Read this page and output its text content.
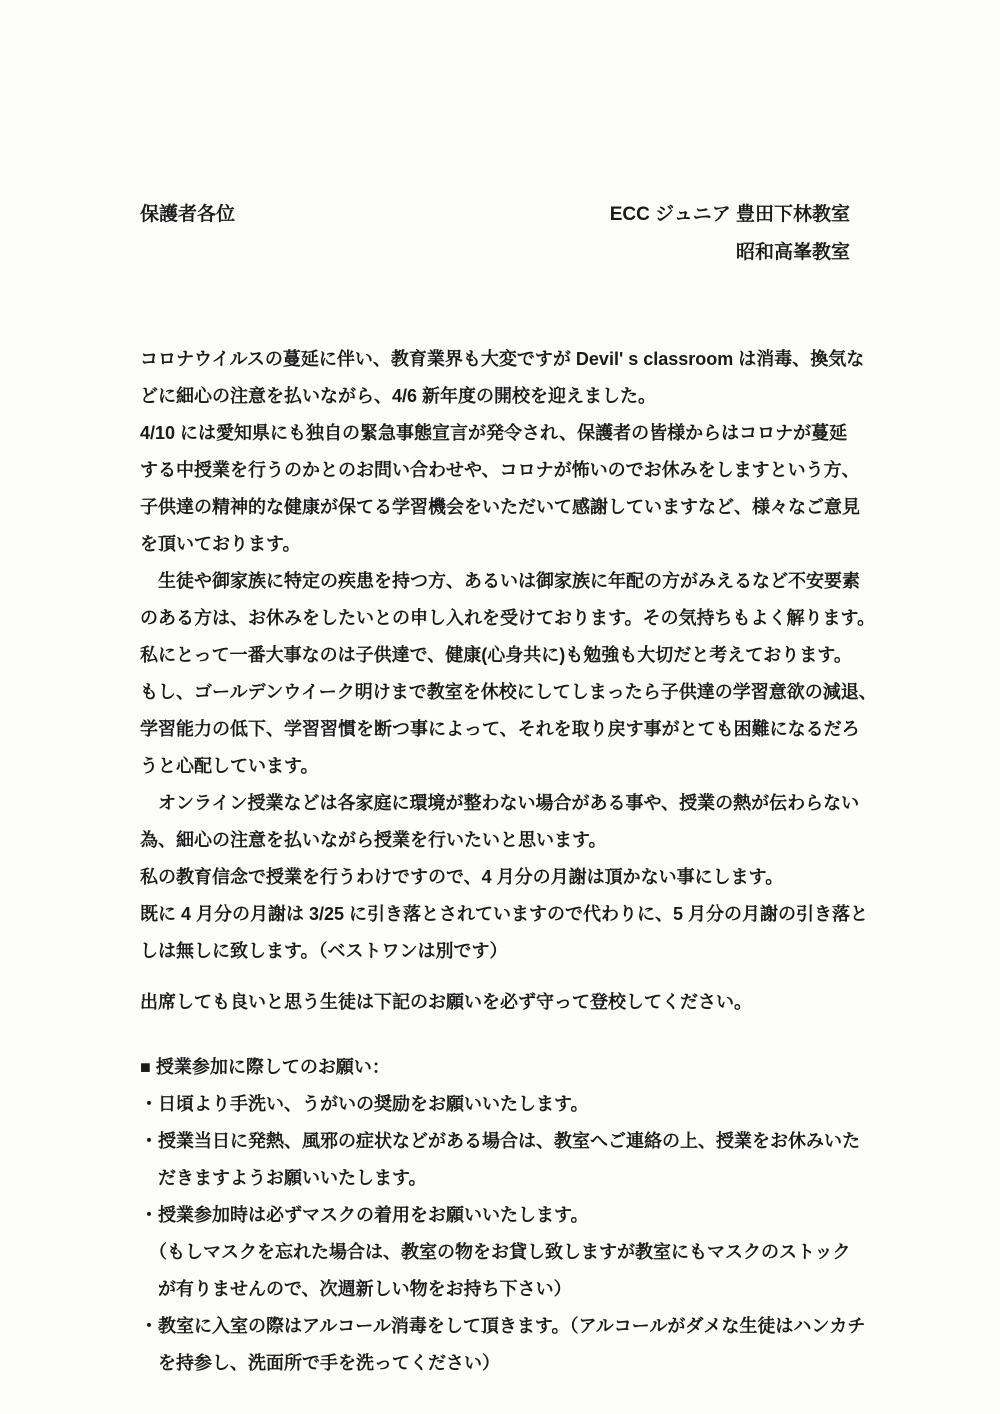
保護者各位	ECC ジュニア 豊田下林教室
昭和高峯教室
コロナウイルスの蔓延に伴い、教育業界も大変ですが Devil' s classroom は消毒、換気な
どに細心の注意を払いながら、4/6 新年度の開校を迎えました。
4/10 には愛知県にも独自の緊急事態宣言が発令され、保護者の皆様からはコロナが蔓延
する中授業を行うのかとのお問い合わせや、コロナが怖いのでお休みをしますという方、
子供達の精神的な健康が保てる学習機会をいただいて感謝していますなど、様々なご意見
を頂いております。
　生徒や御家族に特定の疾患を持つ方、あるいは御家族に年配の方がみえるなど不安要素
のある方は、お休みをしたいとの申し入れを受けております。その気持ちもよく解ります。
私にとって一番大事なのは子供達で、健康(心身共に)も勉強も大切だと考えております。
もし、ゴールデンウイーク明けまで教室を休校にしてしまったら子供達の学習意欲の減退、
学習能力の低下、学習習慣を断つ事によって、それを取り戻す事がとても困難になるだろ
うと心配しています。
　オンライン授業などは各家庭に環境が整わない場合がある事や、授業の熱が伝わらない
為、細心の注意を払いながら授業を行いたいと思います。
私の教育信念で授業を行うわけですので、4 月分の月謝は頂かない事にします。
既に 4 月分の月謝は 3/25 に引き落とされていますので代わりに、5 月分の月謝の引き落と
しは無しに致します。（ベストワンは別です）
出席しても良いと思う生徒は下記のお願いを必ず守って登校してください。
■ 授業参加に際してのお願い：
・日頃より手洗い、うがいの奨励をお願いいたします。
・授業当日に発熱、風邪の症状などがある場合は、教室へご連絡の上、授業をお休みいた
　だきますようお願いいたします。
・授業参加時は必ずマスクの着用をお願いいたします。
　（もしマスクを忘れた場合は、教室の物をお貸し致しますが教室にもマスクのストック
　が有りませんので、次週新しい物をお持ち下さい）
・教室に入室の際はアルコール消毒をして頂きます。（アルコールがダメな生徒はハンカチ
　を持参し、洗面所で手を洗ってください）
